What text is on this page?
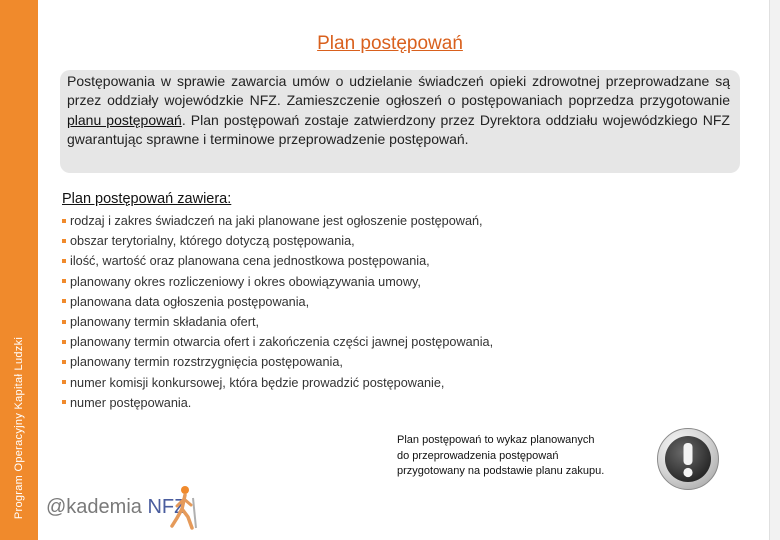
Program Operacyjny Kapitał Ludzki
Plan postępowań
Postępowania w sprawie zawarcia umów o udzielanie świadczeń opieki zdrowotnej przeprowadzane są przez oddziały wojewódzkie NFZ. Zamieszczenie ogłoszeń o postępowaniach poprzedza przygotowanie planu postępowań. Plan postępowań zostaje zatwierdzony przez Dyrektora oddziału wojewódzkiego NFZ gwarantując sprawne i terminowe przeprowadzenie postępowań.
Plan postępowań zawiera:
rodzaj i zakres świadczeń na jaki planowane jest ogłoszenie postępowań,
obszar terytorialny, którego dotyczą postępowania,
ilość, wartość oraz planowana cena jednostkowa postępowania,
planowany okres rozliczeniowy i okres obowiązywania umowy,
planowana data ogłoszenia postępowania,
planowany termin składania ofert,
planowany termin otwarcia ofert i zakończenia części jawnej postępowania,
planowany termin rozstrzygnięcia postępowania,
numer komisji konkursowej, która będzie prowadzić postępowanie,
numer postępowania.
Plan postępowań to wykaz planowanych
do przeprowadzenia postępowań
przygotowany na podstawie planu zakupu.
@kademia NFZ
